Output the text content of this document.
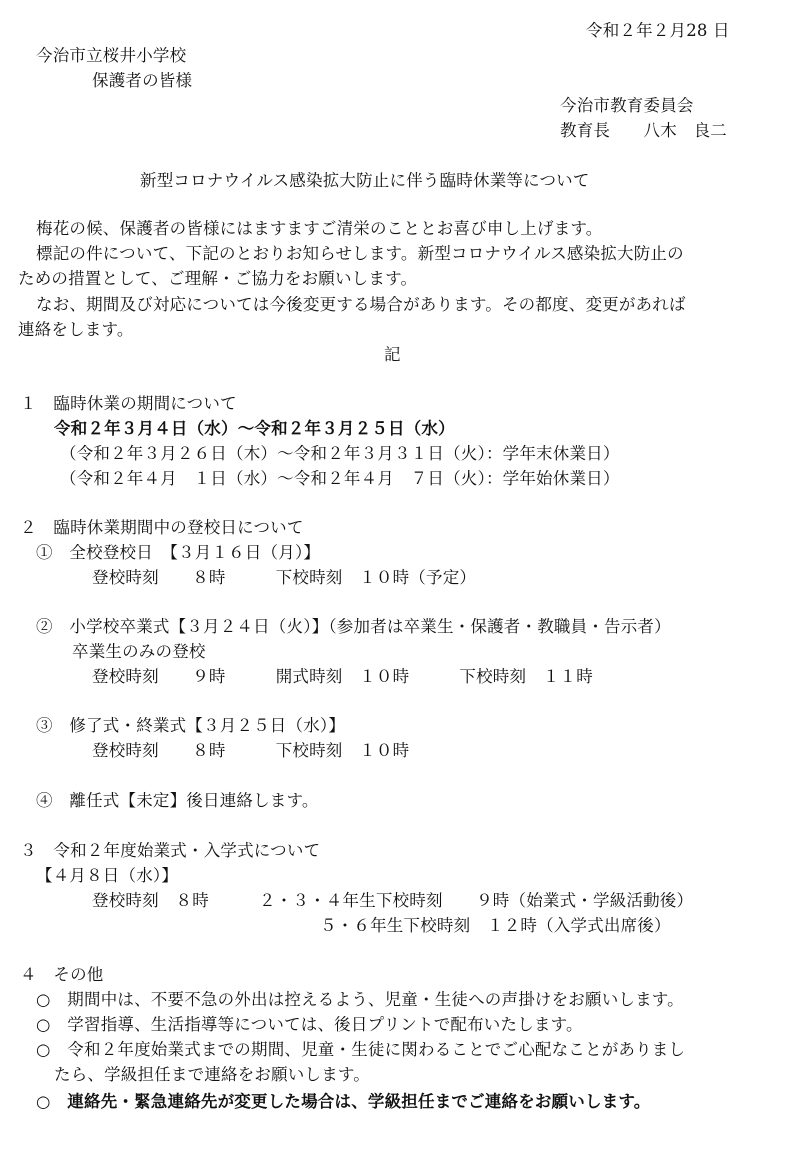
令和２年２月28 日
今治市立桜井小学校
保護者の皆様
今治市教育委員会
教育長　　八木　良二
新型コロナウイルス感染拡大防止に伴う臨時休業等について
梅花の候、保護者の皆様にはますますご清栄のこととお喜び申し上げます。
標記の件について、下記のとおりお知らせします。新型コロナウイルス感染拡大防止の
ための措置として、ご理解・ご協力をお願いします。
なお、期間及び対応については今後変更する場合があります。その都度、変更があれば
連絡をします。
記
１　臨時休業の期間について
令和２年３月４日（水）～令和２年３月２５日（水）
（令和２年３月２６日（木）～令和２年３月３１日（火）：学年末休業日）
（令和２年４月　１日（水）～令和２年４月　７日（火）：学年始休業日）
２　臨時休業期間中の登校日について
①　全校登校日　【３月１６日（月）】
登校時刻　　８時　　　下校時刻　１０時（予定）
②　小学校卒業式【３月２４日（火）】（参加者は卒業生・保護者・教職員・告示者）
卒業生のみの登校
登校時刻　　９時　　　開式時刻　１０時　　　下校時刻　１１時
③　修了式・終業式【３月２５日（水）】
登校時刻　　８時　　　下校時刻　１０時
④　離任式【未定】後日連絡します。
３　令和２年度始業式・入学式について
【４月８日（水）】
登校時刻　８時　　　２・３・４年生下校時刻　　９時（始業式・学級活動後）
５・６年生下校時刻　１２時（入学式出席後）
４　その他
○　期間中は、不要不急の外出は控えるよう、児童・生徒への声掛けをお願いします。
○　学習指導、生活指導等については、後日プリントで配布いたします。
○　令和２年度始業式までの期間、児童・生徒に関わることでご心配なことがありまし
たら、学級担任まで連絡をお願いします。
○　連絡先・緊急連絡先が変更した場合は、学級担任までご連絡をお願いします。
